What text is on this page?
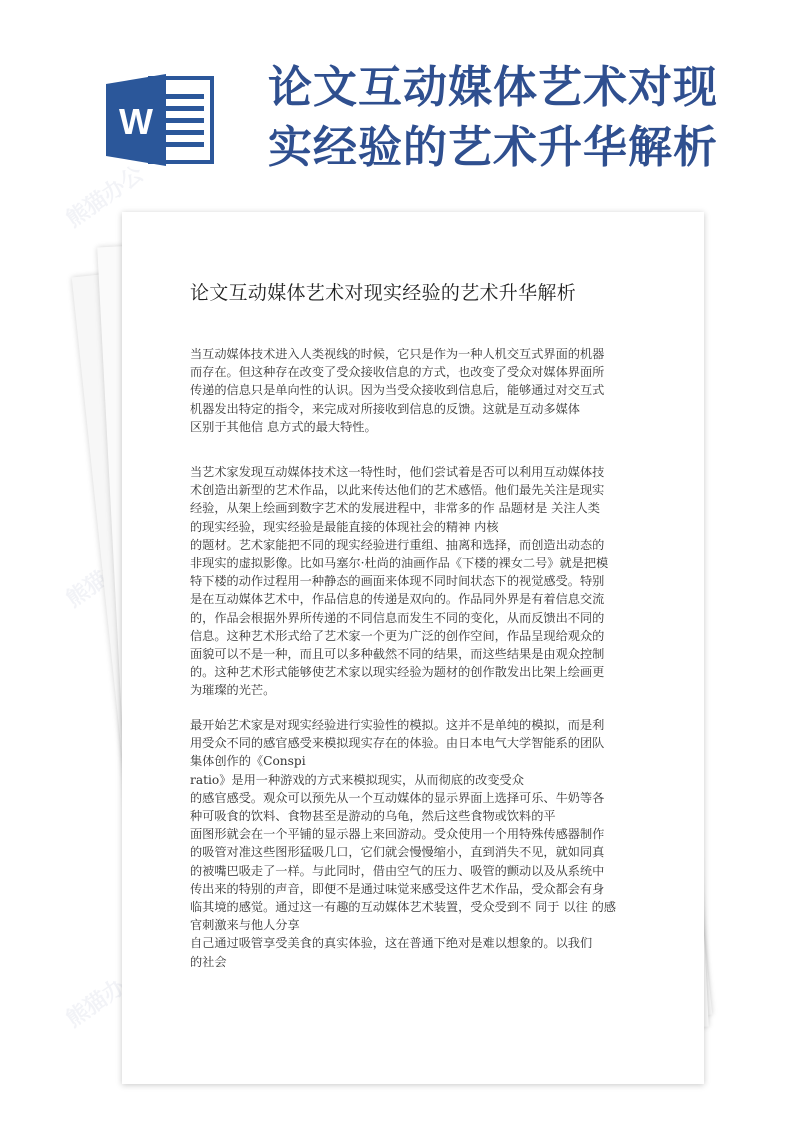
熊猫办公
熊猫办公
W
论文互动媒体艺术对现
实经验的艺术升华解析
论文互动媒体艺术对现实经验的艺术升华解析
当互动媒体技术进入人类视线的时候，它只是作为一种人机交互式界面的机器
而存在。但这种存在改变了受众接收信息的方式，也改变了受众对媒体界面所
传递的信息只是单向性的认识。因为当受众接收到信息后，能够通过对交互式
机器发出特定的指令，来完成对所接收到信息的反馈。这就是互动多媒体
区别于其他信 息方式的最大特性。
当艺术家发现互动媒体技术这一特性时，他们尝试着是否可以利用互动媒体技
术创造出新型的艺术作品，以此来传达他们的艺术感悟。他们最先关注是现实
经验，从架上绘画到数字艺术的发展进程中，非常多的作 品题材是 关注人类
的现实经验，现实经验是最能直接的体现社会的精神 内核
的题材。艺术家能把不同的现实经验进行重组、抽离和选择，而创造出动态的
非现实的虚拟影像。比如马塞尔·杜尚的油画作品《下楼的裸女二号》就是把模
特下楼的动作过程用一种静态的画面来体现不同时间状态下的视觉感受。特别
是在互动媒体艺术中，作品信息的传递是双向的。作品同外界是有着信息交流
的，作品会根据外界所传递的不同信息而发生不同的变化，从而反馈出不同的
信息。这种艺术形式给了艺术家一个更为广泛的创作空间，作品呈现给观众的
面貌可以不是一种，而且可以多种截然不同的结果，而这些结果是由观众控制
的。这种艺术形式能够使艺术家以现实经验为题材的创作散发出比架上绘画更
为璀璨的光芒。
最开始艺术家是对现实经验进行实验性的模拟。这并不是单纯的模拟，而是利
用受众不同的感官感受来模拟现实存在的体验。由日本电气大学智能系的团队
集体创作的《Conspi
ratio》是用一种游戏的方式来模拟现实，从而彻底的改变受众
的感官感受。观众可以预先从一个互动媒体的显示界面上选择可乐、牛奶等各
种可吸食的饮料、食物甚至是游动的乌龟，然后这些食物或饮料的平
面图形就会在一个平铺的显示器上来回游动。受众使用一个用特殊传感器制作
的吸管对准这些图形猛吸几口，它们就会慢慢缩小，直到消失不见，就如同真
的被嘴巴吸走了一样。与此同时，借由空气的压力、吸管的颤动以及从系统中
传出来的特别的声音，即便不是通过味觉来感受这件艺术作品，受众都会有身
临其境的感觉。通过这一有趣的互动媒体艺术装置，受众受到不 同于 以往 的感
官刺激来与他人分享
自己通过吸管享受美食的真实体验，这在普通下绝对是难以想象的。以我们
的社会
